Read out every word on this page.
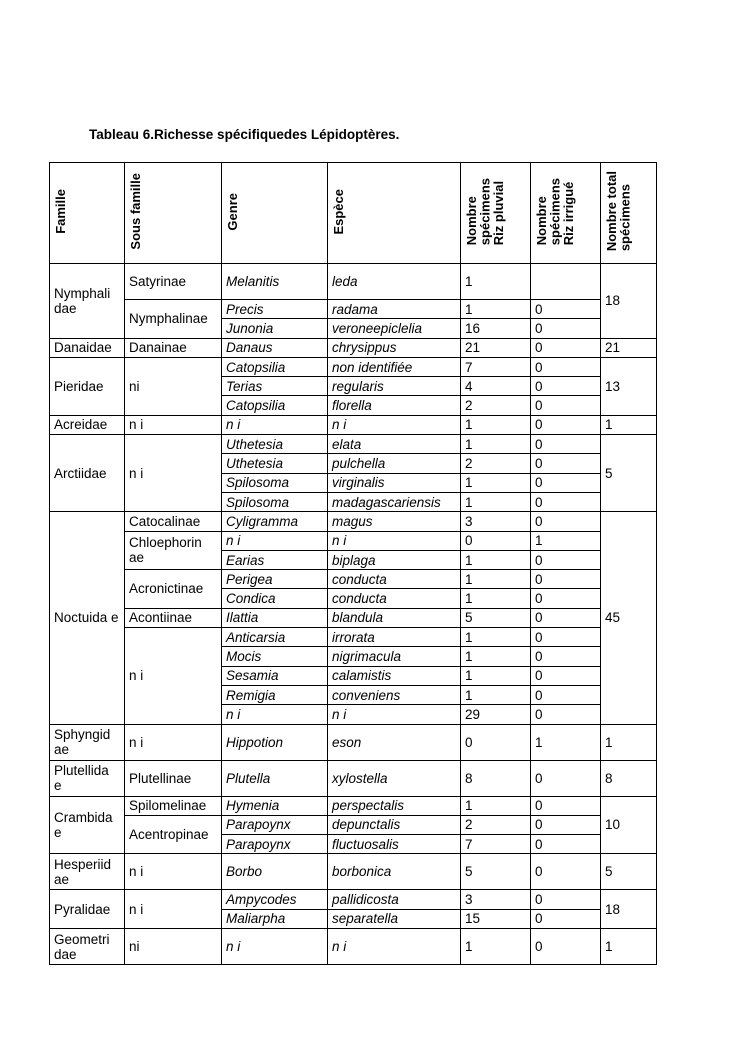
Tableau 6.Richesse spécifiquedes Lépidoptères.
Famille	Sous famille	Genre	Espèce	Nombre
spécimens
Riz pluvial	Nombre
spécimens
Riz irrigué	Nombre total
spécimens
Nymphali dae	Satyrinae	Melanitis	leda	1		18
	Nymphalinae	Precis	radama	1	0	
		Junonia	veroneepiclelia	16	0	
Danaidae	Danainae	Danaus	chrysippus	21	0	21
Pieridae	ni	Catopsilia	non identifiée	7	0	13
		Terias	regularis	4	0	
		Catopsilia	florella	2	0	
Acreidae	n i	n i	n i	1	0	1
Arctiidae	n i	Uthetesia	elata	1	0	5
		Uthetesia	pulchella	2	0	
		Spilosoma	virginalis	1	0	
		Spilosoma	madagascariensis	1	0	
Noctuida e	Catocalinae	Cyligramma	magus	3	0	45
	Chloephorin ae	n i	n i	0	1	
		Earias	biplaga	1	0	
	Acronictinae	Perigea	conducta	1	0	
		Condica	conducta	1	0	
	Acontiinae	Ilattia	blandula	5	0	
	n i	Anticarsia	irrorata	1	0	
		Mocis	nigrimacula	1	0	
		Sesamia	calamistis	1	0	
		Remigia	conveniens	1	0	
		n i	n i	29	0	
Sphyngid ae	n i	Hippotion	eson	0	1	1
Plutellida e	Plutellinae	Plutella	xylostella	8	0	8
Crambida e	Spilomelinae	Hymenia	perspectalis	1	0	10
	Acentropinae	Parapoynx	depunctalis	2	0	
		Parapoynx	fluctuosalis	7	0	
Hesperiid ae	n i	Borbo	borbonica	5	0	5
Pyralidae	n i	Ampycodes	pallidicosta	3	0	18
		Maliarpha	separatella	15	0	
Geometri dae	ni	n i	n i	1	0	1
